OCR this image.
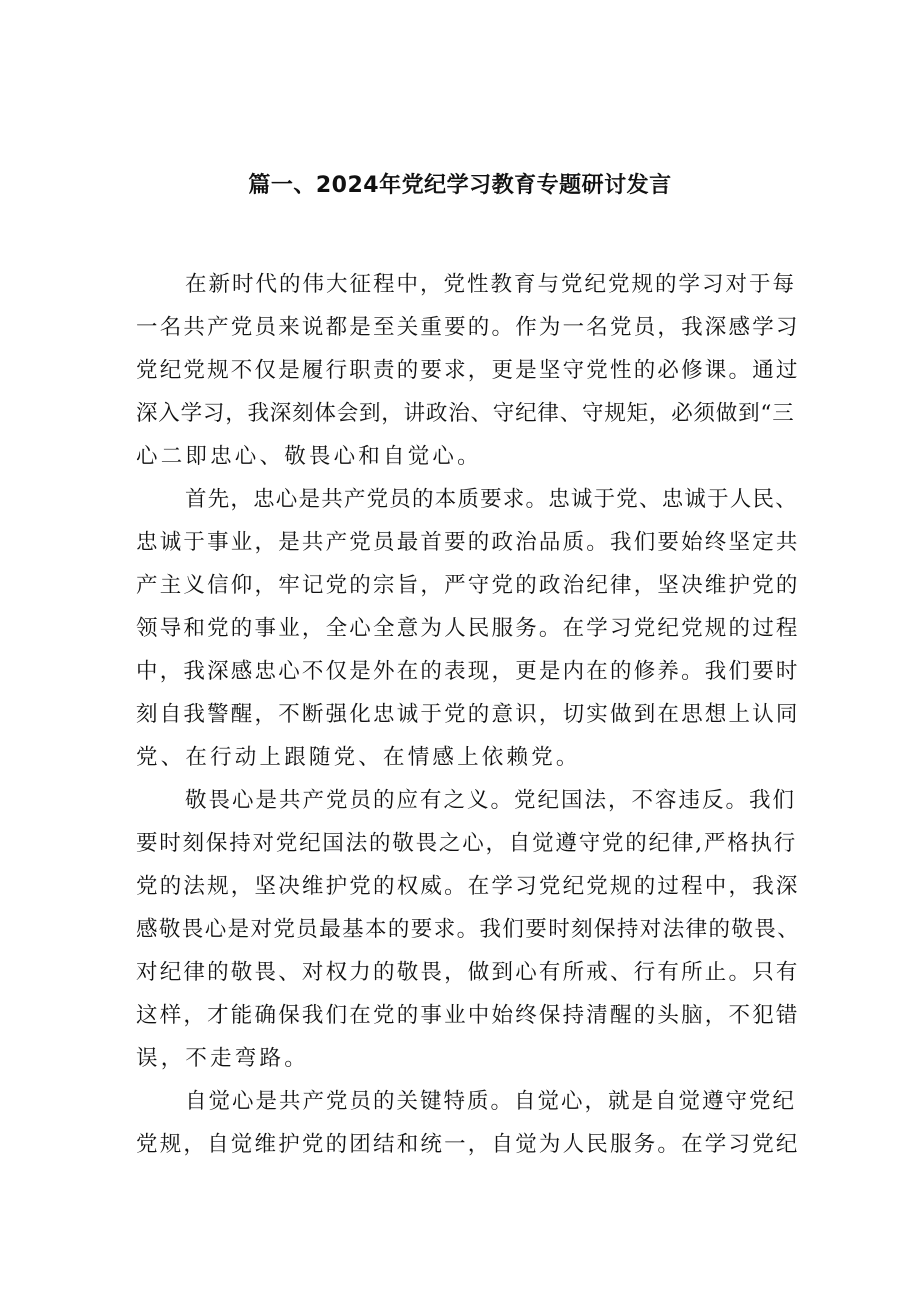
篇一、2024年党纪学习教育专题研讨发言
在新时代的伟大征程中，党性教育与党纪党规的学习对于每
一名共产党员来说都是至关重要的。作为一名党员，我深感学习
党纪党规不仅是履行职责的要求，更是坚守党性的必修课。通过
深入学习，我深刻体会到，讲政治、守纪律、守规矩，必须做到“三
心二即忠心、敬畏心和自觉心。
首先，忠心是共产党员的本质要求。忠诚于党、忠诚于人民、
忠诚于事业，是共产党员最首要的政治品质。我们要始终坚定共
产主义信仰，牢记党的宗旨，严守党的政治纪律，坚决维护党的
领导和党的事业，全心全意为人民服务。在学习党纪党规的过程
中，我深感忠心不仅是外在的表现，更是内在的修养。我们要时
刻自我警醒，不断强化忠诚于党的意识，切实做到在思想上认同
党、在行动上跟随党、在情感上依赖党。
敬畏心是共产党员的应有之义。党纪国法，不容违反。我们
要时刻保持对党纪国法的敬畏之心，自觉遵守党的纪律,严格执行
党的法规，坚决维护党的权威。在学习党纪党规的过程中，我深
感敬畏心是对党员最基本的要求。我们要时刻保持对法律的敬畏、
对纪律的敬畏、对权力的敬畏，做到心有所戒、行有所止。只有
这样，才能确保我们在党的事业中始终保持清醒的头脑，不犯错
误，不走弯路。
自觉心是共产党员的关键特质。自觉心，就是自觉遵守党纪
党规，自觉维护党的团结和统一，自觉为人民服务。在学习党纪
